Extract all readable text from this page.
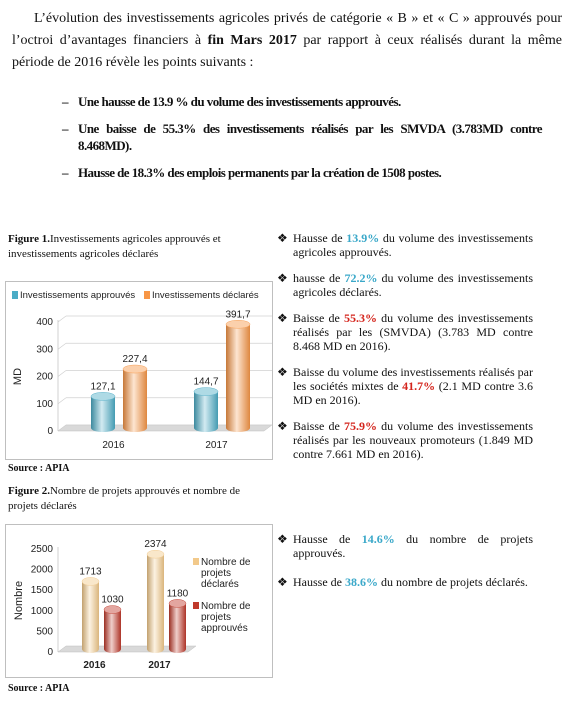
L’évolution des investissements agricoles privés de catégorie « B » et « C » approuvés pour l’octroi d’avantages financiers à fin Mars 2017 par rapport à ceux réalisés durant la même période de 2016 révèle les points suivants :
– Une hausse de 13.9 % du volume des investissements approuvés.
– Une baisse de 55.3% des investissements réalisés par les SMVDA (3.783MD contre 8.468MD).
– Hausse de 18.3% des emplois permanents par la création de 1508 postes.
Figure 1.Investissements agricoles approuvés et investissements agricoles déclarés
0
100
200
300
400
MD
127,1
227,4
2016
144,7
391,7
2017
Investissements approuvés Investissements déclarés
Source : APIA
Figure 2.Nombre de projets approuvés et nombre de projets déclarés
0
500
1000
1500
2000
2500
Nombre
1713
1030
2016
2374
1180
2017
Nombre de
projets
déclarés
Nombre de
projets
approuvés
Source : APIA
❖ Hausse de 13.9% du volume des investissements agricoles approuvés.
❖ hausse de 72.2% du volume des investissements agricoles déclarés.
❖ Baisse de 55.3% du volume des investissements réalisés par les (SMVDA) (3.783 MD contre 8.468 MD en 2016).
❖ Baisse du volume des investissements réalisés par les sociétés mixtes de 41.7% (2.1 MD contre 3.6 MD en 2016).
❖ Baisse de 75.9% du volume des investissements réalisés par les nouveaux promoteurs (1.849 MD contre 7.661 MD en 2016).
❖ Hausse de 14.6% du nombre de projets approuvés.
❖ Hausse de 38.6% du nombre de projets déclarés.
